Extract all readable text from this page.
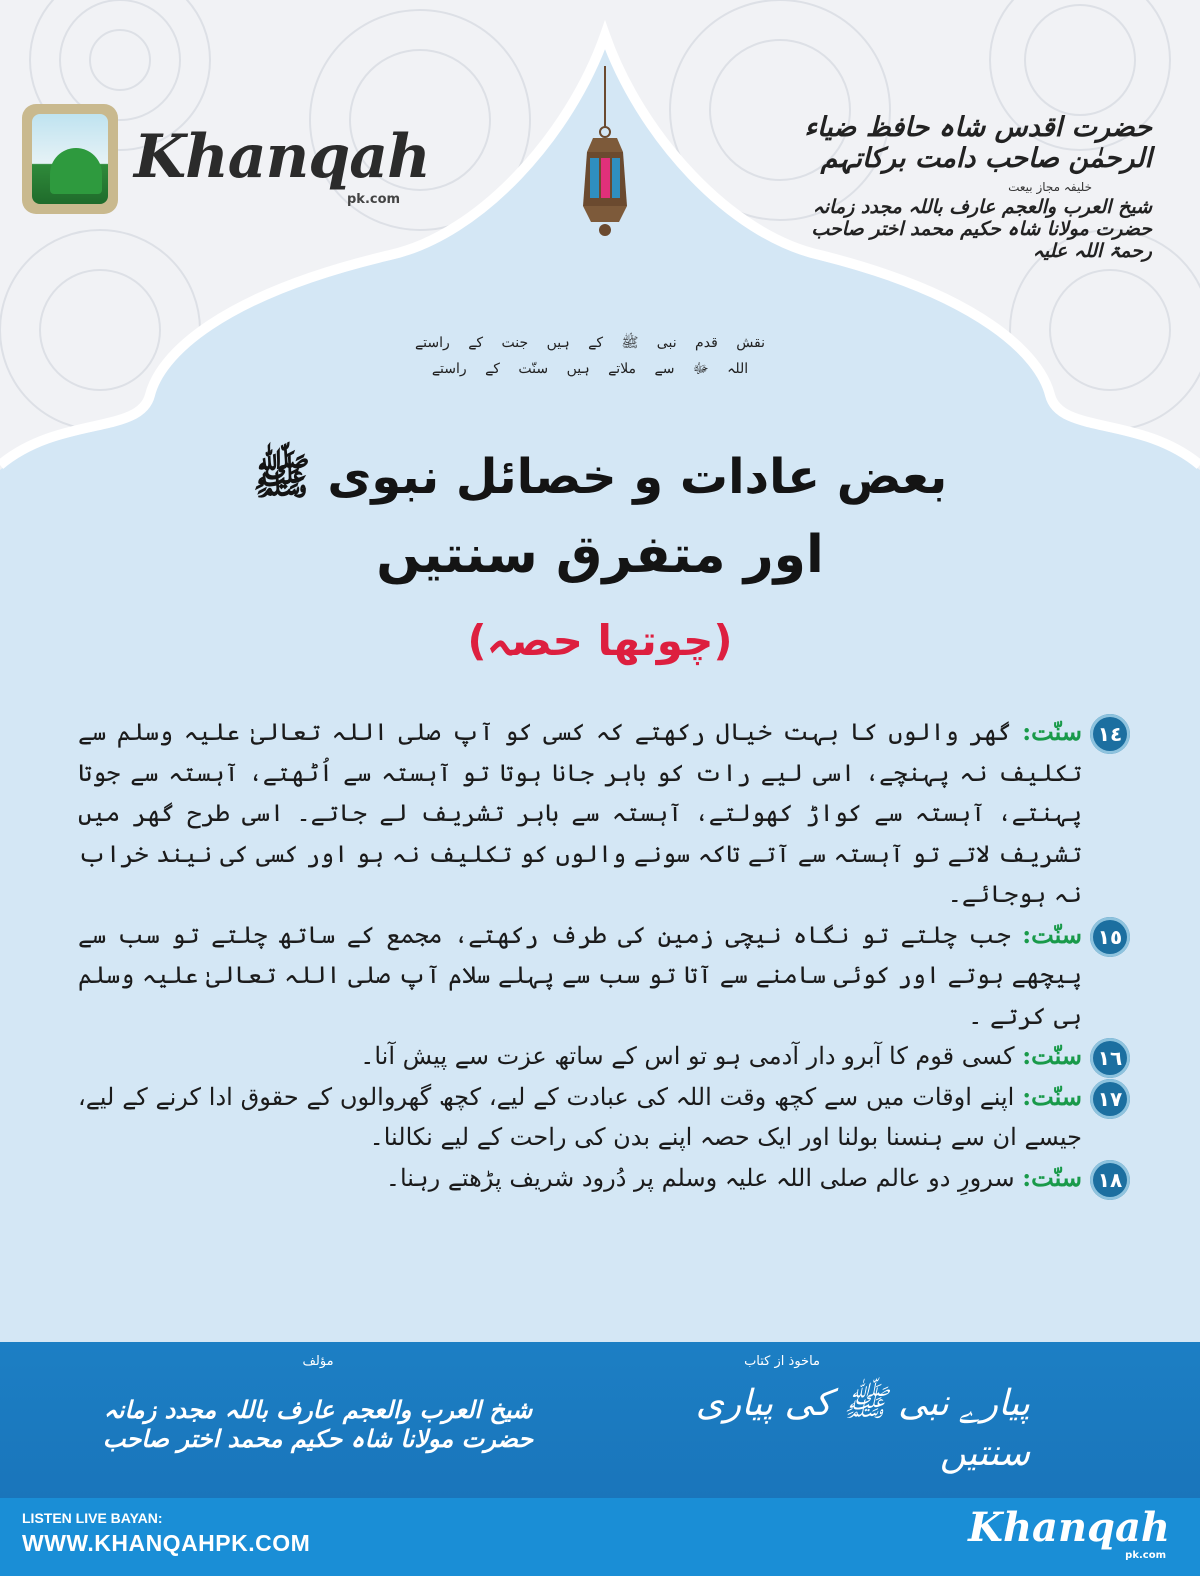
Khanqah
pk.com
حضرت اقدس شاہ حافظ ضیاء الرحمٰن صاحب دامت برکاتہم
خلیفہ مجاز بیعت
شیخ العرب والعجم عارف باللہ مجدد زمانہ حضرت مولانا شاہ حکیم محمد اختر صاحب رحمۃ اللہ علیہ
نقش قدم نبی ﷺ کے ہیں جنت کے راستے
اللہ ﷻ سے ملاتے ہیں سنّت کے راستے
بعض عادات و خصائل نبوی ﷺ
اور متفرق سنتیں
(چوتھا حصہ)
١٤
سنّت: گھر والوں کا بہت خیال رکھتے کہ کسی کو آپ صلی اللہ تعالیٰ علیہ وسلم سے تکلیف نہ پہنچے، اسی لیے رات کو باہر جانا ہوتا تو آہستہ سے اُٹھتے، آہستہ سے جوتا پہنتے، آہستہ سے کواڑ کھولتے، آہستہ سے باہر تشریف لے جاتے۔ اسی طرح گھر میں تشریف لاتے تو آہستہ سے آتے تاکہ سونے والوں کو تکلیف نہ ہو اور کسی کی نیند خراب نہ ہوجائے۔
١٥
سنّت: جب چلتے تو نگاہ نیچی زمین کی طرف رکھتے، مجمع کے ساتھ چلتے تو سب سے پیچھے ہوتے اور کوئی سامنے سے آتا تو سب سے پہلے سلام آپ صلی اللہ تعالیٰ علیہ وسلم ہی کرتے ۔
١٦
سنّت: کسی قوم کا آبرو دار آدمی ہو تو اس کے ساتھ عزت سے پیش آنا۔
١٧
سنّت: اپنے اوقات میں سے کچھ وقت اللہ کی عبادت کے لیے، کچھ گھروالوں کے حقوق ادا کرنے کے لیے، جیسے ان سے ہنسنا بولنا اور ایک حصہ اپنے بدن کی راحت کے لیے نکالنا۔
١٨
سنّت: سرورِ دو عالم صلی اللہ علیہ وسلم پر دُرود شریف پڑھتے رہنا۔
ماخوذ از کتاب
پیارے نبی ﷺ کی پیاری سنتیں
مؤلف
شیخ العرب والعجم عارف باللہ مجدد زمانہ حضرت مولانا شاہ حکیم محمد اختر صاحب
LISTEN LIVE BAYAN:
WWW.KHANQAHPK.COM	Khanqah
pk.com
